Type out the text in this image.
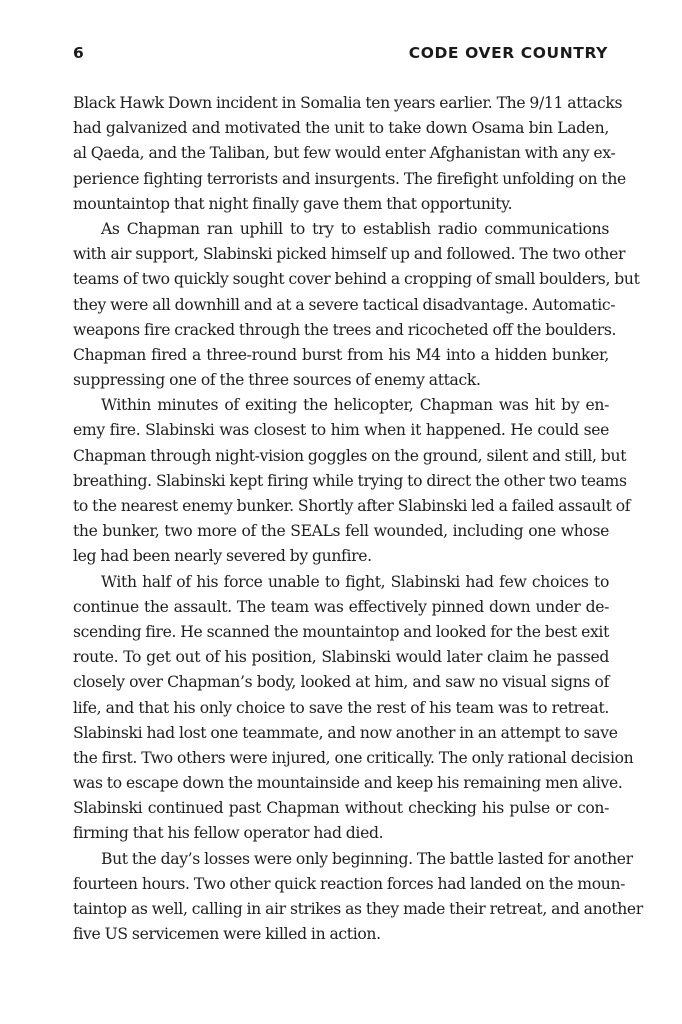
6	CODE OVER COUNTRY
Black Hawk Down incident in Somalia ten years earlier. The 9/11 attacks
had galvanized and motivated the unit to take down Osama bin Laden,
al Qaeda, and the Taliban, but few would enter Afghanistan with any ex-
perience fighting terrorists and insurgents. The firefight unfolding on the
mountaintop that night finally gave them that opportunity.
As Chapman ran uphill to try to establish radio communications
with air support, Slabinski picked himself up and followed. The two other
teams of two quickly sought cover behind a cropping of small boulders, but
they were all downhill and at a severe tactical disadvantage. Automatic-
weapons fire cracked through the trees and ricocheted off the boulders.
Chapman fired a three-round burst from his M4 into a hidden bunker,
suppressing one of the three sources of enemy attack.
Within minutes of exiting the helicopter, Chapman was hit by en-
emy fire. Slabinski was closest to him when it happened. He could see
Chapman through night-vision goggles on the ground, silent and still, but
breathing. Slabinski kept firing while trying to direct the other two teams
to the nearest enemy bunker. Shortly after Slabinski led a failed assault of
the bunker, two more of the SEALs fell wounded, including one whose
leg had been nearly severed by gunfire.
With half of his force unable to fight, Slabinski had few choices to
continue the assault. The team was effectively pinned down under de-
scending fire. He scanned the mountaintop and looked for the best exit
route. To get out of his position, Slabinski would later claim he passed
closely over Chapman’s body, looked at him, and saw no visual signs of
life, and that his only choice to save the rest of his team was to retreat.
Slabinski had lost one teammate, and now another in an attempt to save
the first. Two others were injured, one critically. The only rational decision
was to escape down the mountainside and keep his remaining men alive.
Slabinski continued past Chapman without checking his pulse or con-
firming that his fellow operator had died.
But the day’s losses were only beginning. The battle lasted for another
fourteen hours. Two other quick reaction forces had landed on the moun-
taintop as well, calling in air strikes as they made their retreat, and another
five US servicemen were killed in action.
